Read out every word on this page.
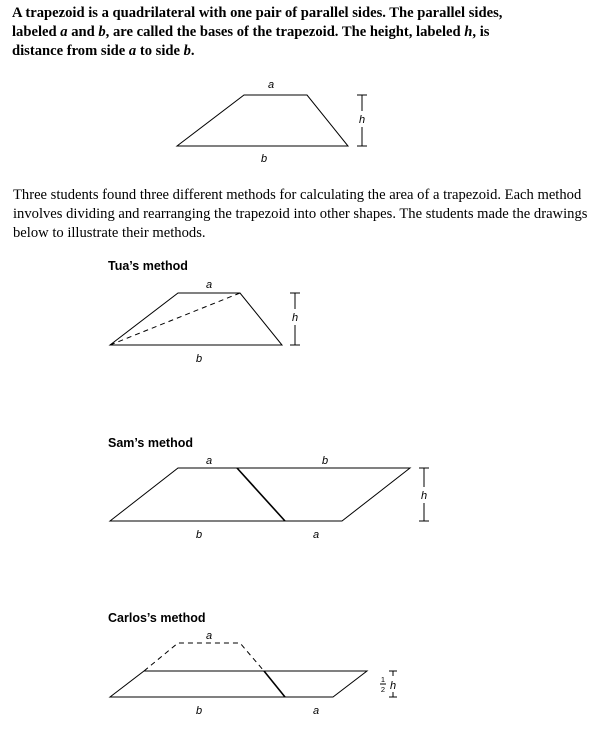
A trapezoid is a quadrilateral with one pair of parallel sides. The parallel sides,
labeled a and b, are called the bases of the trapezoid. The height, labeled h, is
distance from side a to side b.
Three students found three different methods for calculating the area of a trapezoid. Each method involves dividing and rearranging the trapezoid into other shapes. The students made the drawings below to illustrate their methods.
Tua’s method
Sam’s method
Carlos’s method
a
b
h
a
b
h
a	b
b	a
h
a
b	a
1
2 h
